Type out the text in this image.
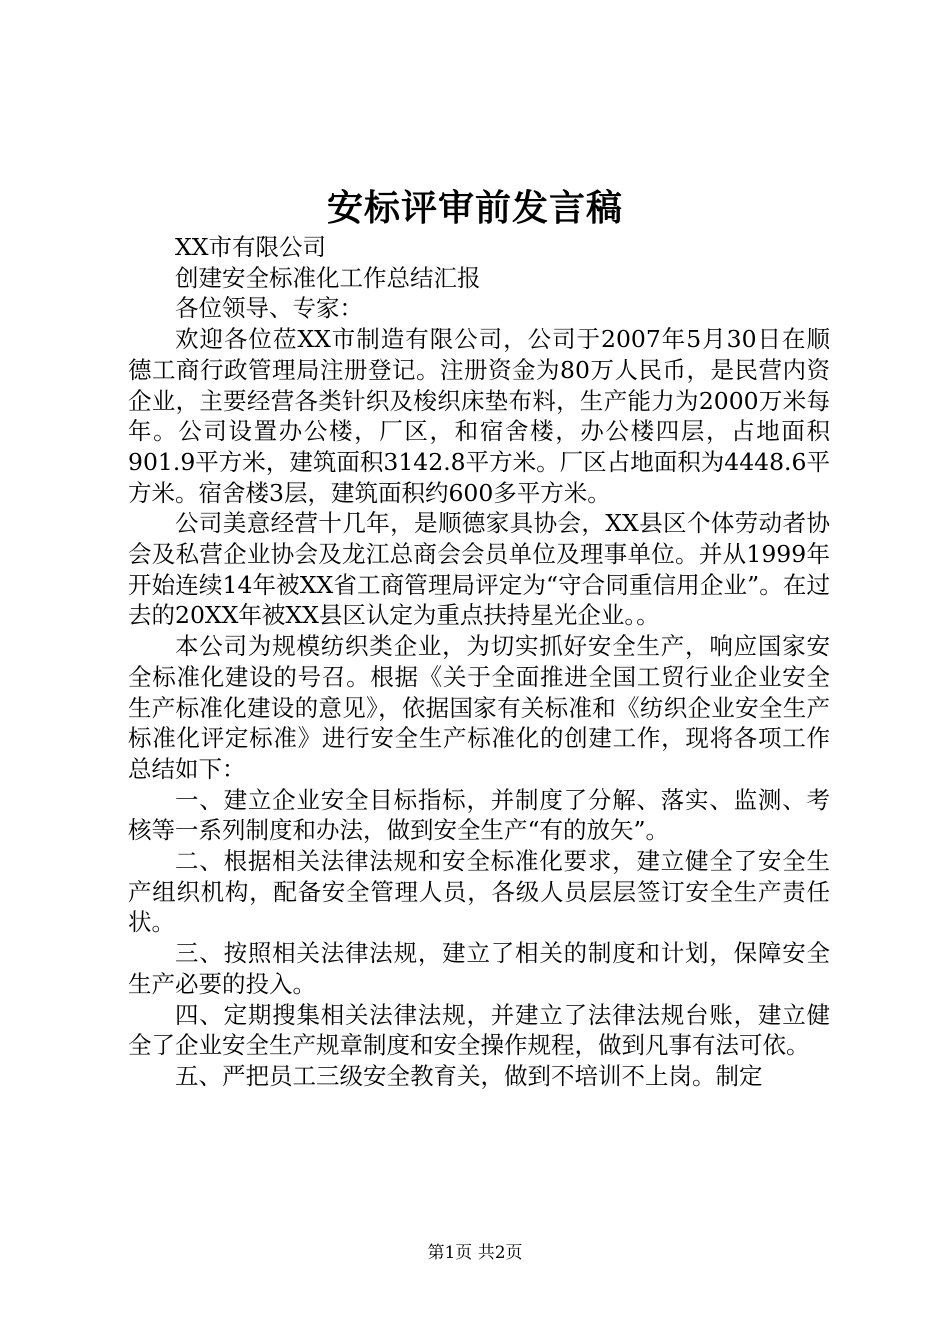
安标评审前发言稿

XX市有限公司

创建安全标准化工作总结汇报

各位领导、专家：

欢迎各位莅XX市制造有限公司，公司于2007年5月30日在顺德工商行政管理局注册登记。注册资金为80万人民币，是民营内资企业，主要经营各类针织及梭织床垫布料，生产能力为2000万米每年。公司设置办公楼，厂区，和宿舍楼，办公楼四层，占地面积901.9平方米，建筑面积3142.8平方米。厂区占地面积为4448.6平方米。宿舍楼3层，建筑面积约600多平方米。

公司美意经营十几年，是顺德家具协会，XX县区个体劳动者协会及私营企业协会及龙江总商会会员单位及理事单位。并从1999年开始连续14年被XX省工商管理局评定为“守合同重信用企业”。在过去的20XX年被XX县区认定为重点扶持星光企业。。

本公司为规模纺织类企业，为切实抓好安全生产，响应国家安全标准化建设的号召。根据《关于全面推进全国工贸行业企业安全生产标准化建设的意见》，依据国家有关标准和《纺织企业安全生产标准化评定标准》进行安全生产标准化的创建工作，现将各项工作总结如下：

一、建立企业安全目标指标，并制度了分解、落实、监测、考核等一系列制度和办法，做到安全生产“有的放矢”。

二、根据相关法律法规和安全标准化要求，建立健全了安全生产组织机构，配备安全管理人员，各级人员层层签订安全生产责任状。

三、按照相关法律法规，建立了相关的制度和计划，保障安全生产必要的投入。

四、定期搜集相关法律法规，并建立了法律法规台账，建立健全了企业安全生产规章制度和安全操作规程，做到凡事有法可依。

五、严把员工三级安全教育关，做到不培训不上岗。制定

第1页 共2页
